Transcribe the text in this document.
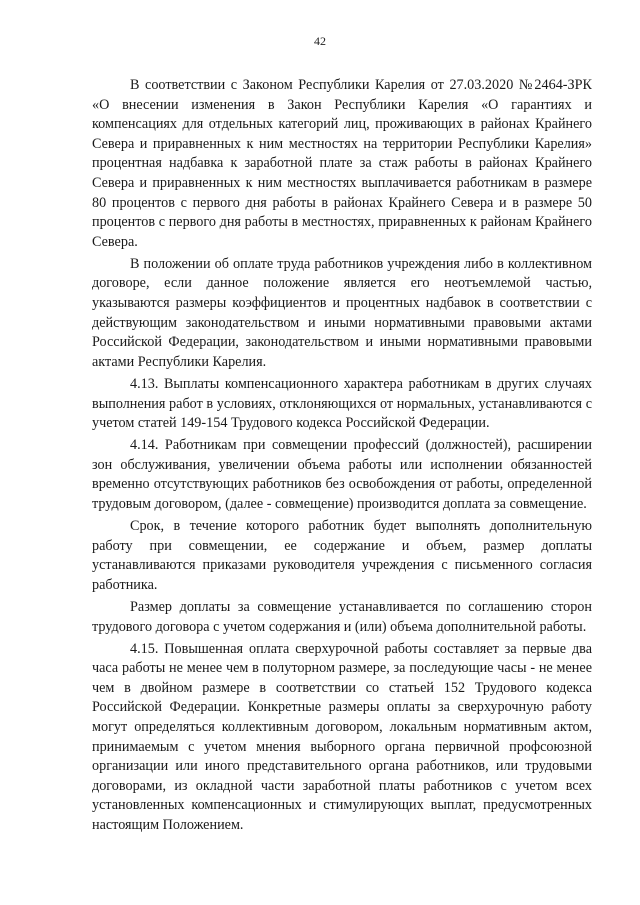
42

В соответствии с Законом Республики Карелия от 27.03.2020 №2464-ЗРК «О внесении изменения в Закон Республики Карелия «О гарантиях и компенсациях для отдельных категорий лиц, проживающих в районах Крайнего Севера и приравненных к ним местностях на территории Республики Карелия» процентная надбавка к заработной плате за стаж работы в районах Крайнего Севера и приравненных к ним местностях выплачивается работникам в размере 80 процентов с первого дня работы в районах Крайнего Севера и в размере 50 процентов с первого дня работы в местностях, приравненных к районам Крайнего Севера.

В положении об оплате труда работников учреждения либо в коллективном договоре, если данное положение является его неотъемлемой частью, указываются размеры коэффициентов и процентных надбавок в соответствии с действующим законодательством и иными нормативными правовыми актами Российской Федерации, законодательством и иными нормативными правовыми актами Республики Карелия.

4.13. Выплаты компенсационного характера работникам в других случаях выполнения работ в условиях, отклоняющихся от нормальных, устанавливаются с учетом статей 149-154 Трудового кодекса Российской Федерации.

4.14. Работникам при совмещении профессий (должностей), расширении зон обслуживания, увеличении объема работы или исполнении обязанностей временно отсутствующих работников без освобождения от работы, определенной трудовым договором, (далее - совмещение) производится доплата за совмещение.

Срок, в течение которого работник будет выполнять дополнительную работу при совмещении, ее содержание и объем, размер доплаты устанавливаются приказами руководителя учреждения с письменного согласия работника.

Размер доплаты за совмещение устанавливается по соглашению сторон трудового договора с учетом содержания и (или) объема дополнительной работы.

4.15. Повышенная оплата сверхурочной работы составляет за первые два часа работы не менее чем в полуторном размере, за последующие часы - не менее чем в двойном размере в соответствии со статьей 152 Трудового кодекса Российской Федерации. Конкретные размеры оплаты за сверхурочную работу могут определяться коллективным договором, локальным нормативным актом, принимаемым с учетом мнения выборного органа первичной профсоюзной организации или иного представительного органа работников, или трудовыми договорами, из окладной части заработной платы работников с учетом всех установленных компенсационных и стимулирующих выплат, предусмотренных настоящим Положением.
